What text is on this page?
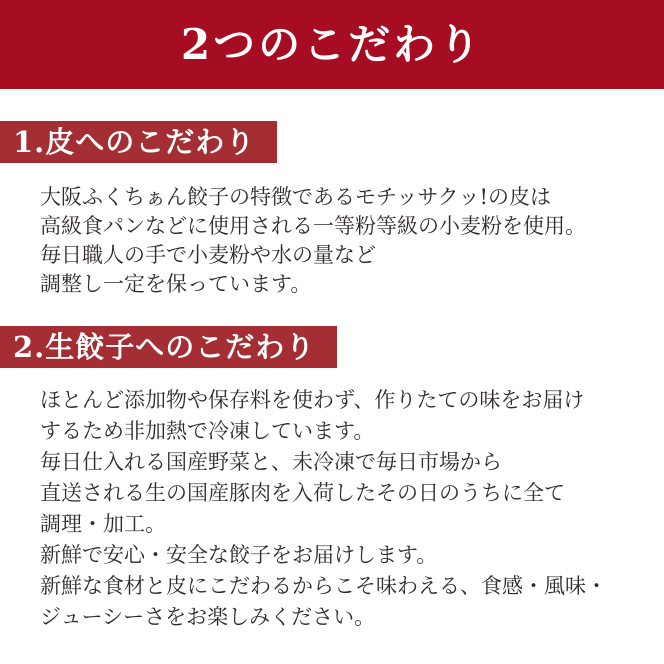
2つのこだわり
1.皮へのこだわり
大阪ふくちぁん餃子の特徴であるモチッサクッ!の皮は
高級食パンなどに使用される一等粉等級の小麦粉を使用。
毎日職人の手で小麦粉や水の量など
調整し一定を保っています。
2.生餃子へのこだわり
ほとんど添加物や保存料を使わず、作りたての味をお届け
するため非加熱で冷凍しています。
毎日仕入れる国産野菜と、未冷凍で毎日市場から
直送される生の国産豚肉を入荷したその日のうちに全て
調理・加工。
新鮮で安心・安全な餃子をお届けします。
新鮮な食材と皮にこだわるからこそ味わえる、食感・風味・
ジューシーさをお楽しみください。
